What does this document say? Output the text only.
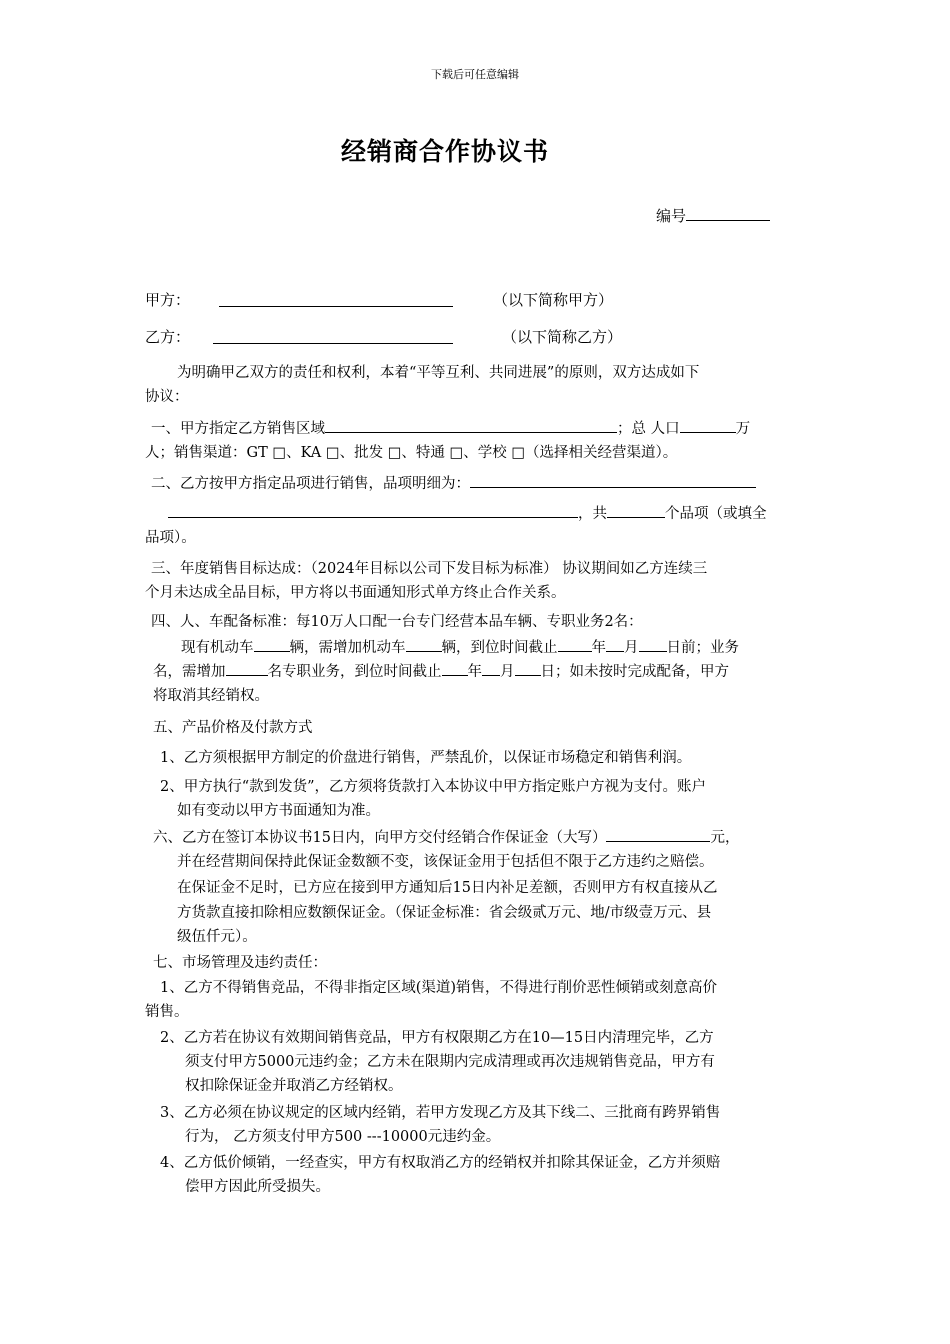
下载后可任意编辑
经销商合作协议书
编号
甲方：	（以下简称甲方）
乙方：	（以下简称乙方）
为明确甲乙双方的责任和权利，本着“平等互利、共同进展”的原则，双方达成如下
协议：
一、甲方指定乙方销售区域	；总 人口	万
人；销售渠道：GT □、KA □、批发 □、特通 □、学校 □（选择相关经营渠道）。
二、乙方按甲方指定品项进行销售，品项明细为：
，共	个品项（或填全
品项）。
三、年度销售目标达成：（2024年目标以公司下发目标为标准） 协议期间如乙方连续三
个月未达成全品目标，甲方将以书面通知形式单方终止合作关系。
四、人、车配备标准：每10万人口配一台专门经营本品车辆、专职业务2名：
现有机动车 辆，需增加机动车 辆，到位时间截止 年 月 日前；业务
名，需增加	名专职业务，到位时间截止 年 月 日；如未按时完成配备，甲方
将取消其经销权。
五、产品价格及付款方式
1、乙方须根据甲方制定的价盘进行销售，严禁乱价，以保证市场稳定和销售利润。
2、甲方执行“款到发货”，乙方须将货款打入本协议中甲方指定账户方视为支付。账户
如有变动以甲方书面通知为准。
六、乙方在签订本协议书15日内，向甲方交付经销合作保证金（大写）	元，
并在经营期间保持此保证金数额不变，该保证金用于包括但不限于乙方违约之赔偿。
在保证金不足时，已方应在接到甲方通知后15日内补足差额，否则甲方有权直接从乙
方货款直接扣除相应数额保证金。（保证金标准：省会级贰万元、地/市级壹万元、县
级伍仟元）。
七、市场管理及违约责任：
1、乙方不得销售竞品，不得非指定区域(渠道)销售，不得进行削价恶性倾销或刻意高价
销售。
2、乙方若在协议有效期间销售竞品，甲方有权限期乙方在10—15日内清理完毕，乙方
须支付甲方5000元违约金；乙方未在限期内完成清理或再次违规销售竞品，甲方有
权扣除保证金并取消乙方经销权。
3、乙方必须在协议规定的区域内经销，若甲方发现乙方及其下线二、三批商有跨界销售
行为， 乙方须支付甲方500 ---10000元违约金。
4、乙方低价倾销，一经查实，甲方有权取消乙方的经销权并扣除其保证金，乙方并须赔
偿甲方因此所受损失。
